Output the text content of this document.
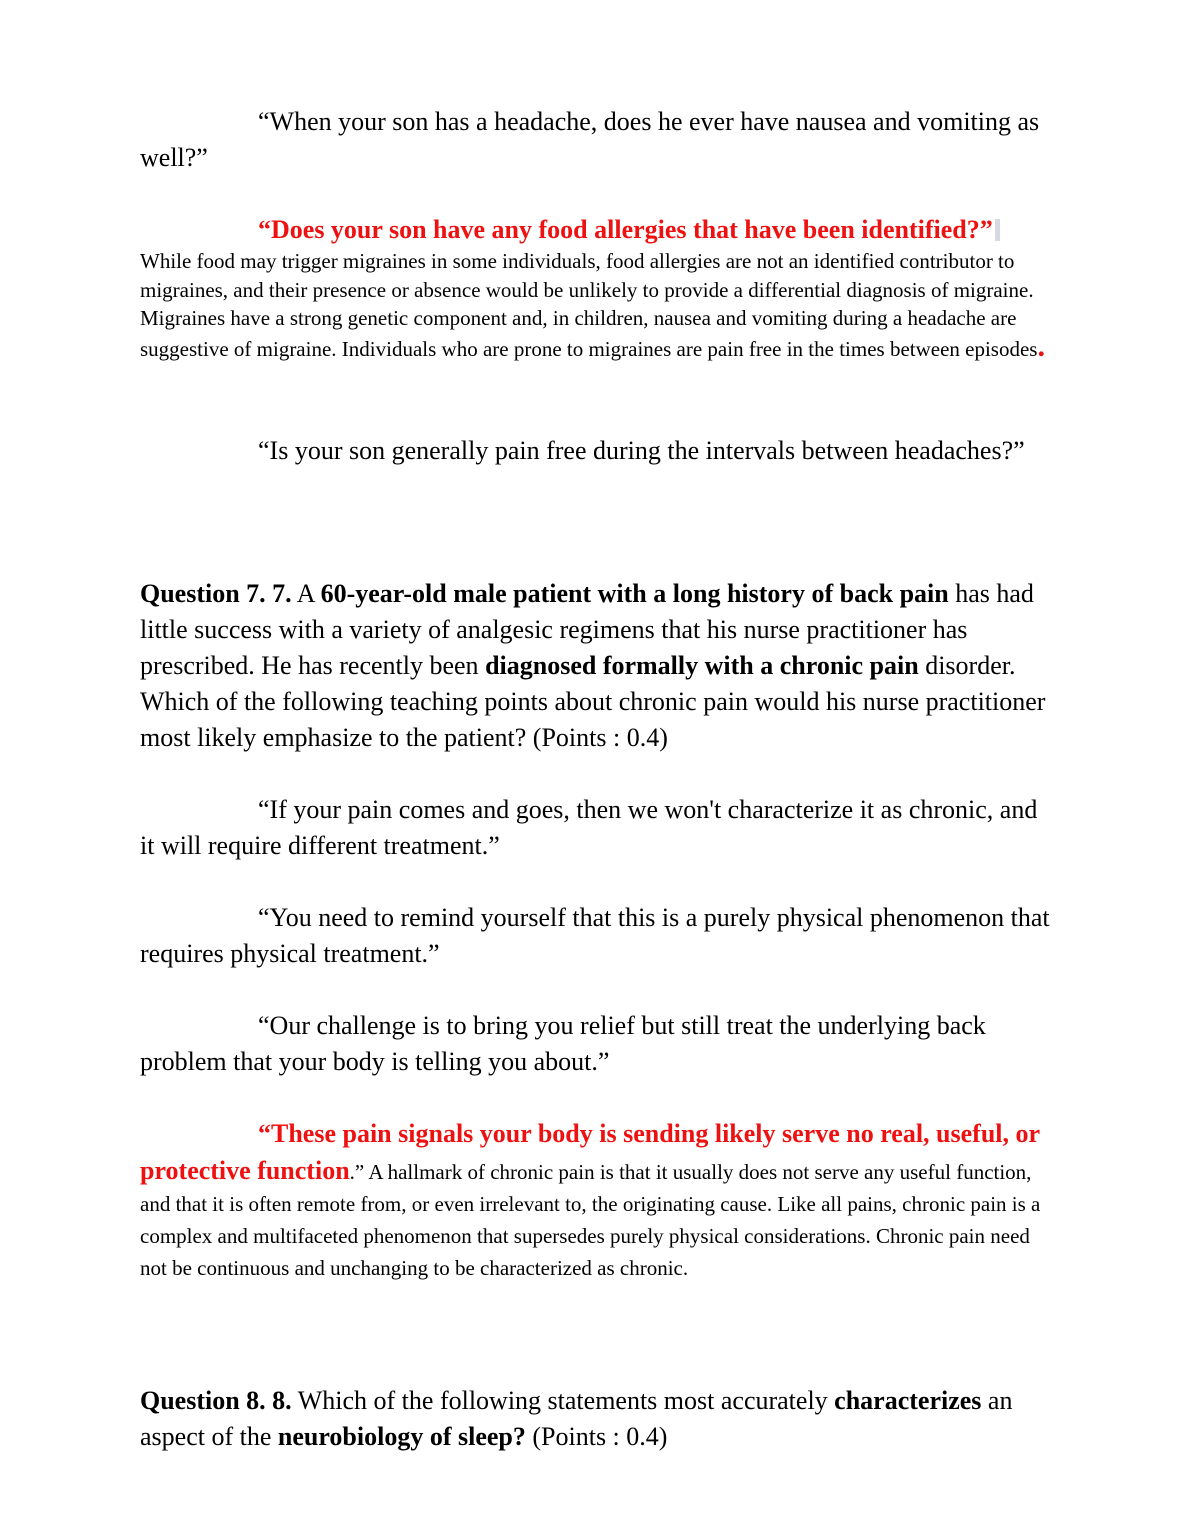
“When your son has a headache, does he ever have nausea and vomiting as well?”
“Does your son have any food allergies that have been identified?”
While food may trigger migraines in some individuals, food allergies are not an identified contributor to migraines, and their presence or absence would be unlikely to provide a differential diagnosis of migraine. Migraines have a strong genetic component and, in children, nausea and vomiting during a headache are suggestive of migraine. Individuals who are prone to migraines are pain free in the times between episodes.
“Is your son generally pain free during the intervals between headaches?”
Question 7. 7. A 60-year-old male patient with a long history of back pain has had little success with a variety of analgesic regimens that his nurse practitioner has prescribed. He has recently been diagnosed formally with a chronic pain disorder. Which of the following teaching points about chronic pain would his nurse practitioner most likely emphasize to the patient? (Points : 0.4)
“If your pain comes and goes, then we won't characterize it as chronic, and it will require different treatment.”
“You need to remind yourself that this is a purely physical phenomenon that requires physical treatment.”
“Our challenge is to bring you relief but still treat the underlying back problem that your body is telling you about.”
“These pain signals your body is sending likely serve no real, useful, or protective function.” A hallmark of chronic pain is that it usually does not serve any useful function, and that it is often remote from, or even irrelevant to, the originating cause. Like all pains, chronic pain is a complex and multifaceted phenomenon that supersedes purely physical considerations. Chronic pain need not be continuous and unchanging to be characterized as chronic.
Question 8. 8. Which of the following statements most accurately characterizes an aspect of the neurobiology of sleep? (Points : 0.4)
